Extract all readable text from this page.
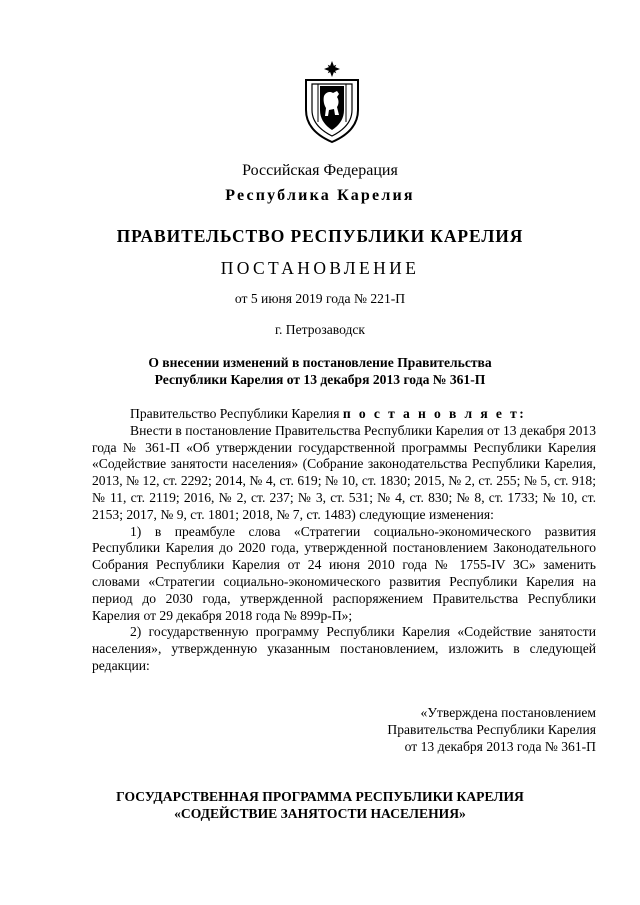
Российская Федерация
Республика Карелия
ПРАВИТЕЛЬСТВО РЕСПУБЛИКИ КАРЕЛИЯ
ПОСТАНОВЛЕНИЕ
от 5 июня 2019 года № 221-П
г. Петрозаводск
О внесении изменений в постановление Правительства
Республики Карелия от 13 декабря 2013 года № 361-П

Правительство Республики Карелия п о с т а н о в л я е т:

Внести в постановление Правительства Республики Карелия от 13 декабря 2013 года № 361-П «Об утверждении государственной программы Республики Карелия «Содействие занятости населения» (Собрание законодательства Республики Карелия, 2013, № 12, ст. 2292; 2014, № 4, ст. 619; № 10, ст. 1830; 2015, № 2, ст. 255; № 5, ст. 918; № 11, ст. 2119; 2016, № 2, ст. 237; № 3, ст. 531; № 4, ст. 830; № 8, ст. 1733; № 10, ст. 2153; 2017, № 9, ст. 1801; 2018, № 7, ст. 1483) следующие изменения:

1) в преамбуле слова «Стратегии социально-экономического развития Республики Карелия до 2020 года, утвержденной постановлением Законодательного Собрания Республики Карелия от 24 июня 2010 года № 1755-IV ЗС» заменить словами «Стратегии социально-экономического развития Республики Карелия на период до 2030 года, утвержденной распоряжением Правительства Республики Карелия от 29 декабря 2018 года № 899р-П»;

2) государственную программу Республики Карелия «Содействие занятости населения», утвержденную указанным постановлением, изложить в следующей редакции:

«Утверждена постановлением
Правительства Республики Карелия
от 13 декабря 2013 года № 361-П
ГОСУДАРСТВЕННАЯ ПРОГРАММА РЕСПУБЛИКИ КАРЕЛИЯ
«СОДЕЙСТВИЕ ЗАНЯТОСТИ НАСЕЛЕНИЯ»
